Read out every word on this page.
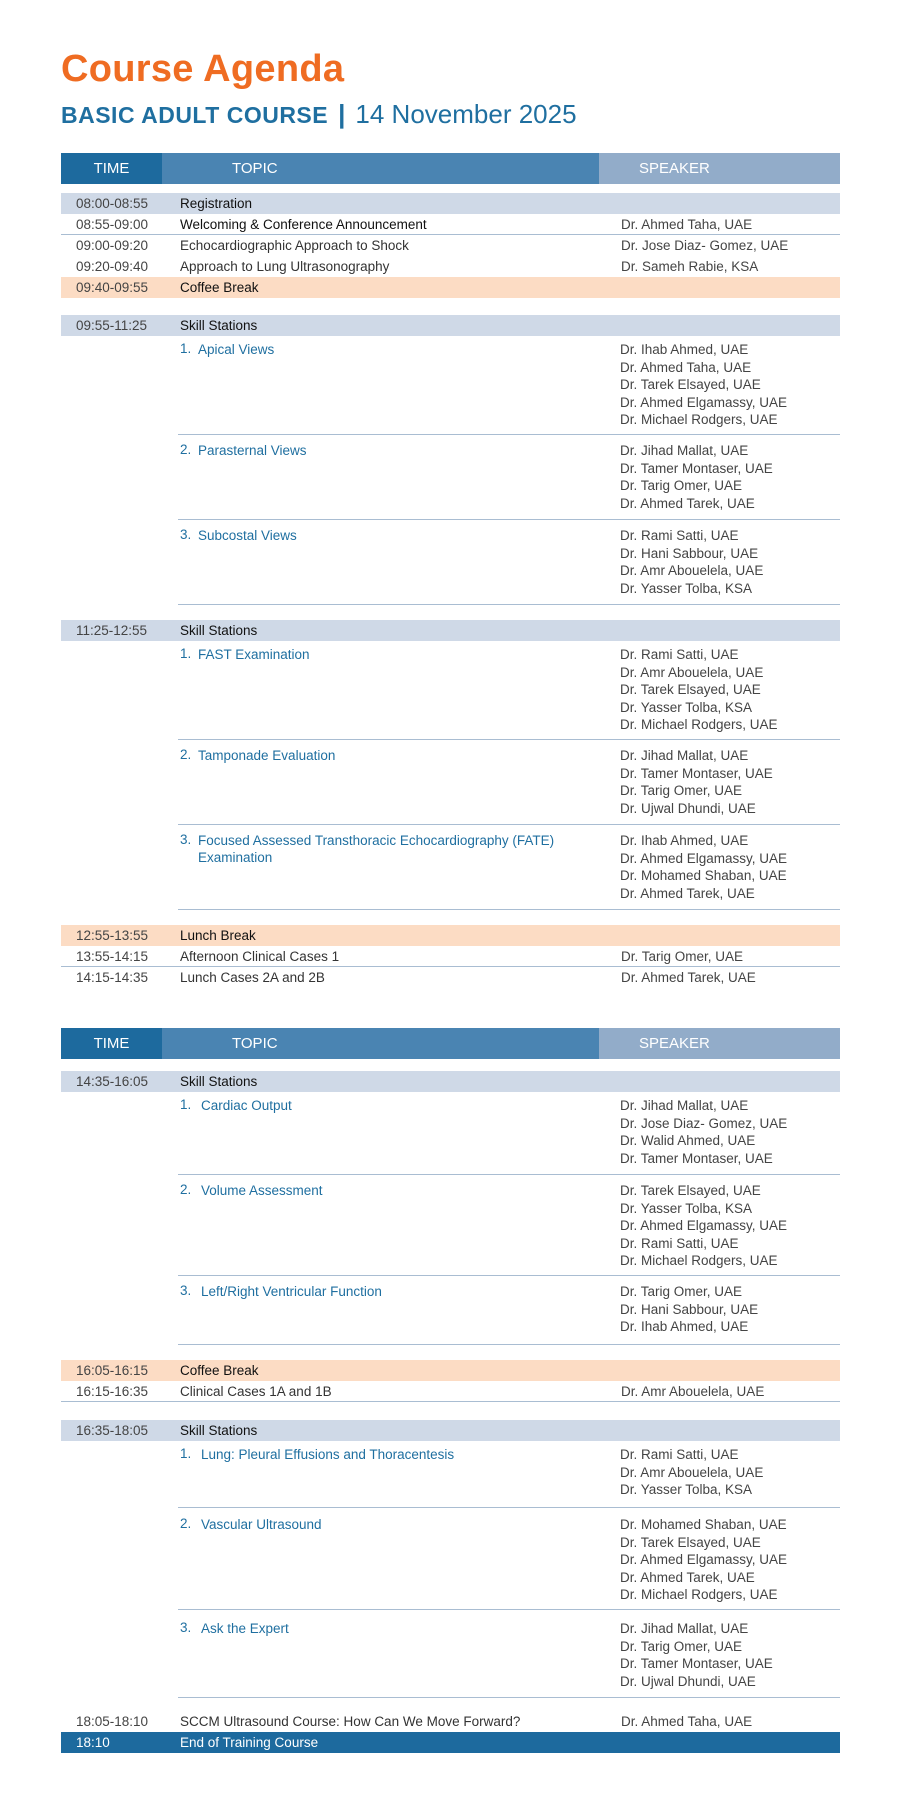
Course Agenda
BASIC ADULT COURSE | 14 November 2025
TIME	TOPIC	SPEAKER
08:00-08:55 Registration
08:55-09:00 Welcoming & Conference Announcement	Dr. Ahmed Taha, UAE
09:00-09:20 Echocardiographic Approach to Shock	Dr. Jose Diaz- Gomez, UAE
09:20-09:40 Approach to Lung Ultrasonography	Dr. Sameh Rabie, KSA
09:40-09:55 Coffee Break
09:55-11:25 Skill Stations
1. Apical Views	Dr. Ihab Ahmed, UAE
Dr. Ahmed Taha, UAE
Dr. Tarek Elsayed, UAE
Dr. Ahmed Elgamassy, UAE
Dr. Michael Rodgers, UAE
2. Parasternal Views	Dr. Jihad Mallat, UAE
Dr. Tamer Montaser, UAE
Dr. Tarig Omer, UAE
Dr. Ahmed Tarek, UAE
3. Subcostal Views	Dr. Rami Satti, UAE
Dr. Hani Sabbour, UAE
Dr. Amr Abouelela, UAE
Dr. Yasser Tolba, KSA
11:25-12:55 Skill Stations
1. FAST Examination	Dr. Rami Satti, UAE
Dr. Amr Abouelela, UAE
Dr. Tarek Elsayed, UAE
Dr. Yasser Tolba, KSA
Dr. Michael Rodgers, UAE
2. Tamponade Evaluation	Dr. Jihad Mallat, UAE
Dr. Tamer Montaser, UAE
Dr. Tarig Omer, UAE
Dr. Ujwal Dhundi, UAE
3. Focused Assessed Transthoracic Echocardiography (FATE) Examination
Dr. Ihab Ahmed, UAE
Dr. Ahmed Elgamassy, UAE
Dr. Mohamed Shaban, UAE
Dr. Ahmed Tarek, UAE
12:55-13:55 Lunch Break
13:55-14:15 Afternoon Clinical Cases 1	Dr. Tarig Omer, UAE
14:15-14:35 Lunch Cases 2A and 2B	Dr. Ahmed Tarek, UAE
TIME	TOPIC	SPEAKER
14:35-16:05 Skill Stations
1. Cardiac Output	Dr. Jihad Mallat, UAE
Dr. Jose Diaz- Gomez, UAE
Dr. Walid Ahmed, UAE
Dr. Tamer Montaser, UAE
2. Volume Assessment	Dr. Tarek Elsayed, UAE
Dr. Yasser Tolba, KSA
Dr. Ahmed Elgamassy, UAE
Dr. Rami Satti, UAE
Dr. Michael Rodgers, UAE
3. Left/Right Ventricular Function	Dr. Tarig Omer, UAE
Dr. Hani Sabbour, UAE
Dr. Ihab Ahmed, UAE
16:05-16:15 Coffee Break
16:15-16:35 Clinical Cases 1A and 1B	Dr. Amr Abouelela, UAE
16:35-18:05 Skill Stations
1. Lung: Pleural Effusions and Thoracentesis	Dr. Rami Satti, UAE
Dr. Amr Abouelela, UAE
Dr. Yasser Tolba, KSA
2. Vascular Ultrasound	Dr. Mohamed Shaban, UAE
Dr. Tarek Elsayed, UAE
Dr. Ahmed Elgamassy, UAE
Dr. Ahmed Tarek, UAE
Dr. Michael Rodgers, UAE
3. Ask the Expert	Dr. Jihad Mallat, UAE
Dr. Tarig Omer, UAE
Dr. Tamer Montaser, UAE
Dr. Ujwal Dhundi, UAE
18:05-18:10 SCCM Ultrasound Course: How Can We Move Forward?	Dr. Ahmed Taha, UAE
18:10	End of Training Course
